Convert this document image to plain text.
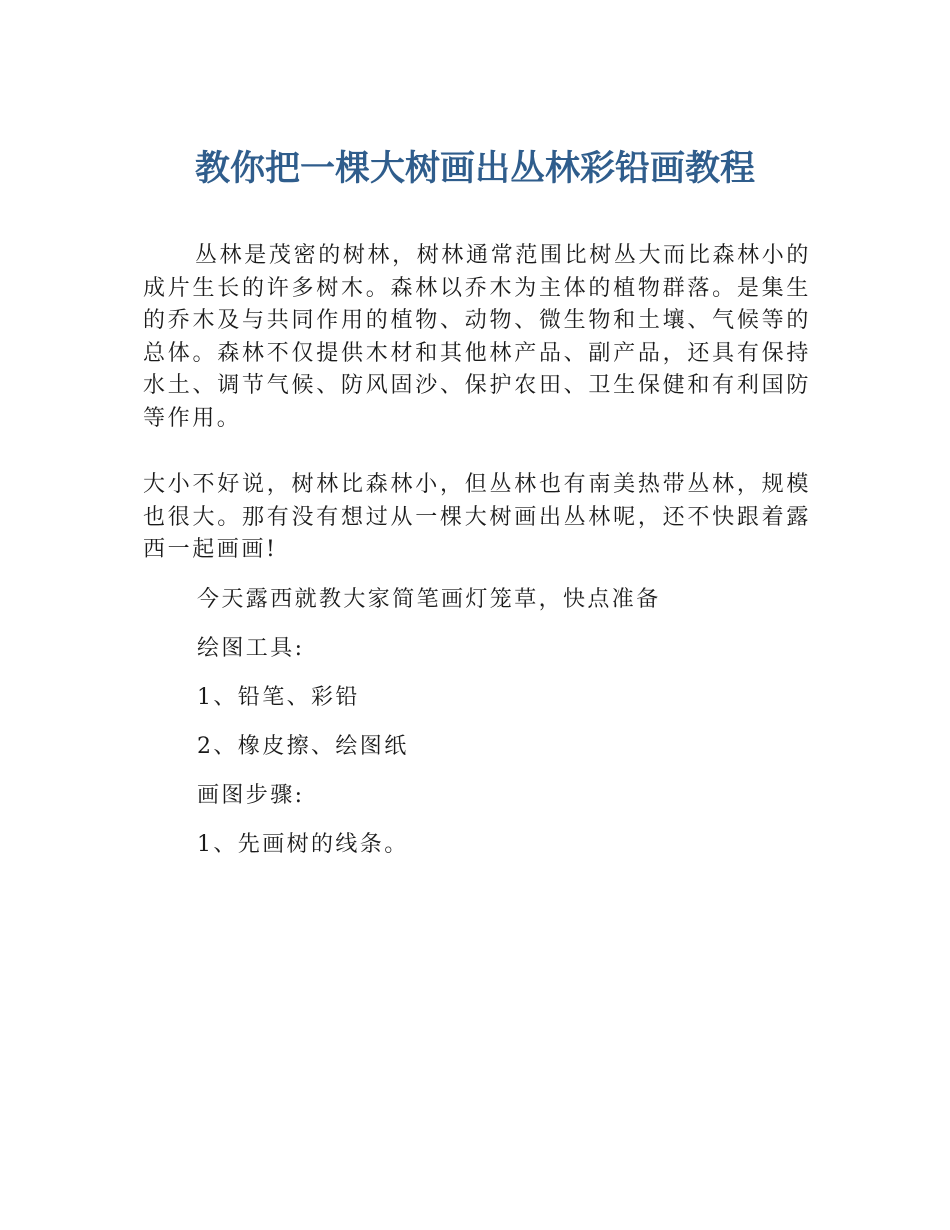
教你把一棵大树画出丛林彩铅画教程

丛林是茂密的树林，树林通常范围比树丛大而比森林小的成片生长的许多树木。森林以乔木为主体的植物群落。是集生的乔木及与共同作用的植物、动物、微生物和土壤、气候等的总体。森林不仅提供木材和其他林产品、副产品，还具有保持水土、调节气候、防风固沙、保护农田、卫生保健和有利国防等作用。

大小不好说，树林比森林小，但丛林也有南美热带丛林，规模也很大。那有没有想过从一棵大树画出丛林呢，还不快跟着露西一起画画!

今天露西就教大家简笔画灯笼草，快点准备

绘图工具:

1、铅笔、彩铅

2、橡皮擦、绘图纸

画图步骤:

1、先画树的线条。
